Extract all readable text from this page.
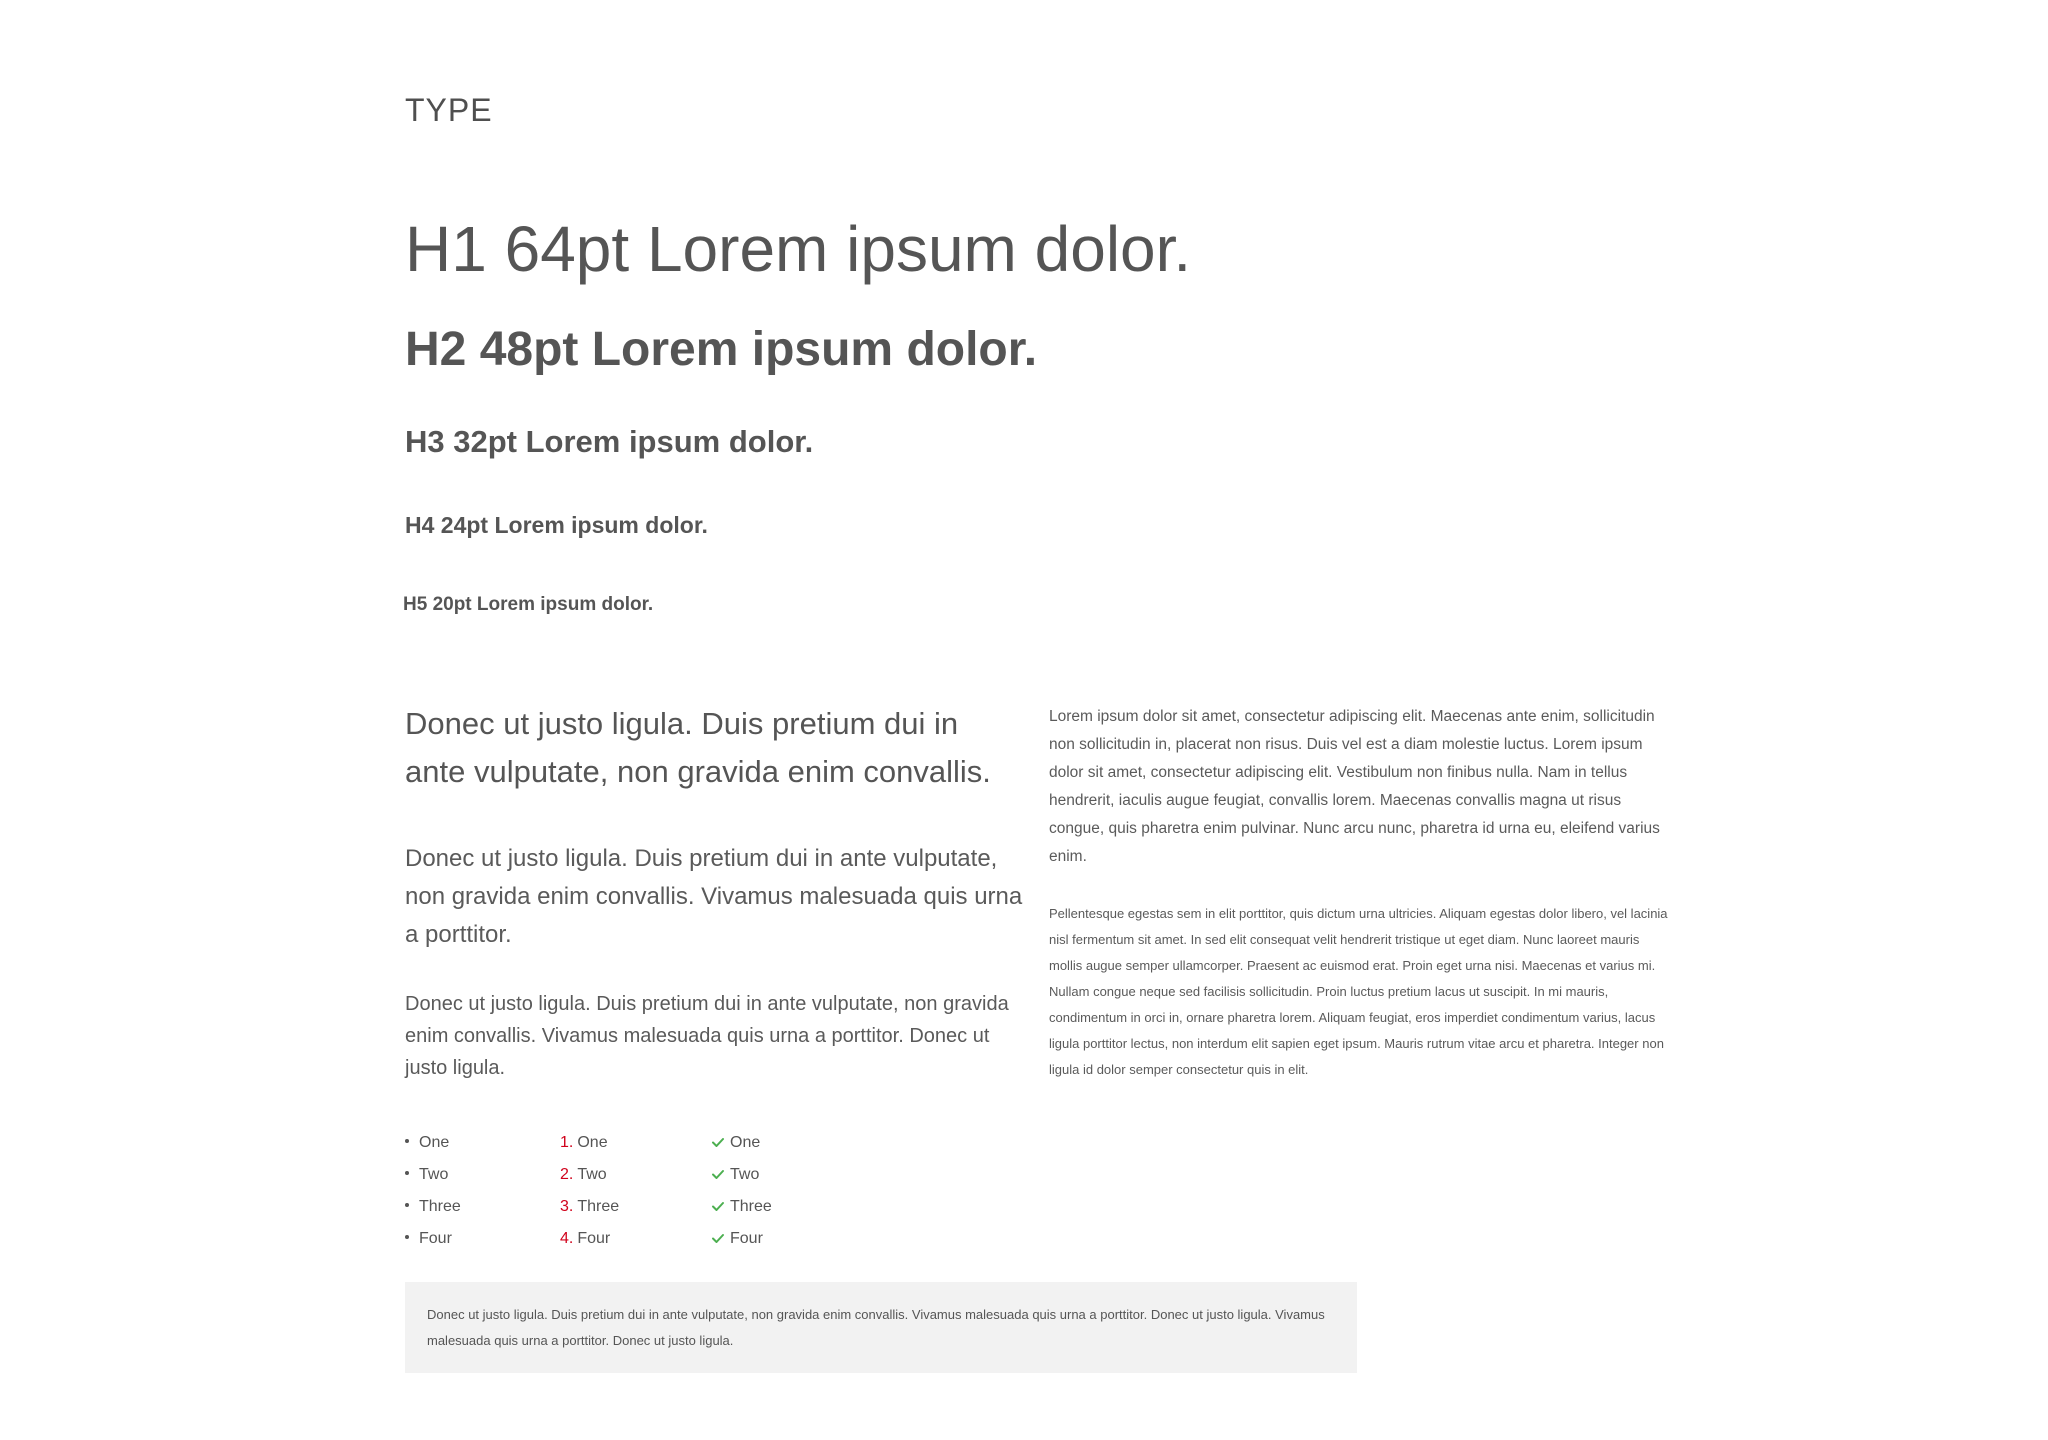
TYPE
H1 64pt Lorem ipsum dolor.
H2 48pt Lorem ipsum dolor.
H3 32pt Lorem ipsum dolor.
H4 24pt Lorem ipsum dolor.
H5 20pt Lorem ipsum dolor.

Donec ut justo ligula. Duis pretium dui in ante vulputate, non gravida enim convallis.

Donec ut justo ligula. Duis pretium dui in ante vulputate, non gravida enim convallis. Vivamus malesuada quis urna a porttitor.

Donec ut justo ligula. Duis pretium dui in ante vulputate, non gravida enim convallis. Vivamus malesuada quis urna a porttitor. Donec ut justo ligula.

Lorem ipsum dolor sit amet, consectetur adipiscing elit. Maecenas ante enim, sollicitudin non sollicitudin in, placerat non risus. Duis vel est a diam molestie luctus. Lorem ipsum dolor sit amet, consectetur adipiscing elit. Vestibulum non finibus nulla. Nam in tellus hendrerit, iaculis augue feugiat, convallis lorem. Maecenas convallis magna ut risus congue, quis pharetra enim pulvinar. Nunc arcu nunc, pharetra id urna eu, eleifend varius enim.

Pellentesque egestas sem in elit porttitor, quis dictum urna ultricies. Aliquam egestas dolor libero, vel lacinia nisl fermentum sit amet. In sed elit consequat velit hendrerit tristique ut eget diam. Nunc laoreet mauris mollis augue semper ullamcorper. Praesent ac euismod erat. Proin eget urna nisi. Maecenas et varius mi. Nullam congue neque sed facilisis sollicitudin. Proin luctus pretium lacus ut suscipit. In mi mauris, condimentum in orci in, ornare pharetra lorem. Aliquam feugiat, eros imperdiet condimentum varius, lacus ligula porttitor lectus, non interdum elit sapien eget ipsum. Mauris rutrum vitae arcu et pharetra. Integer non ligula id dolor semper consectetur quis in elit.

One
Two
Three
Four
1. One
2. Two
3. Three
4. Four
One
Two
Three
Four

Donec ut justo ligula. Duis pretium dui in ante vulputate, non gravida enim convallis. Vivamus malesuada quis urna a porttitor. Donec ut justo ligula. Vivamus malesuada quis urna a porttitor. Donec ut justo ligula.
